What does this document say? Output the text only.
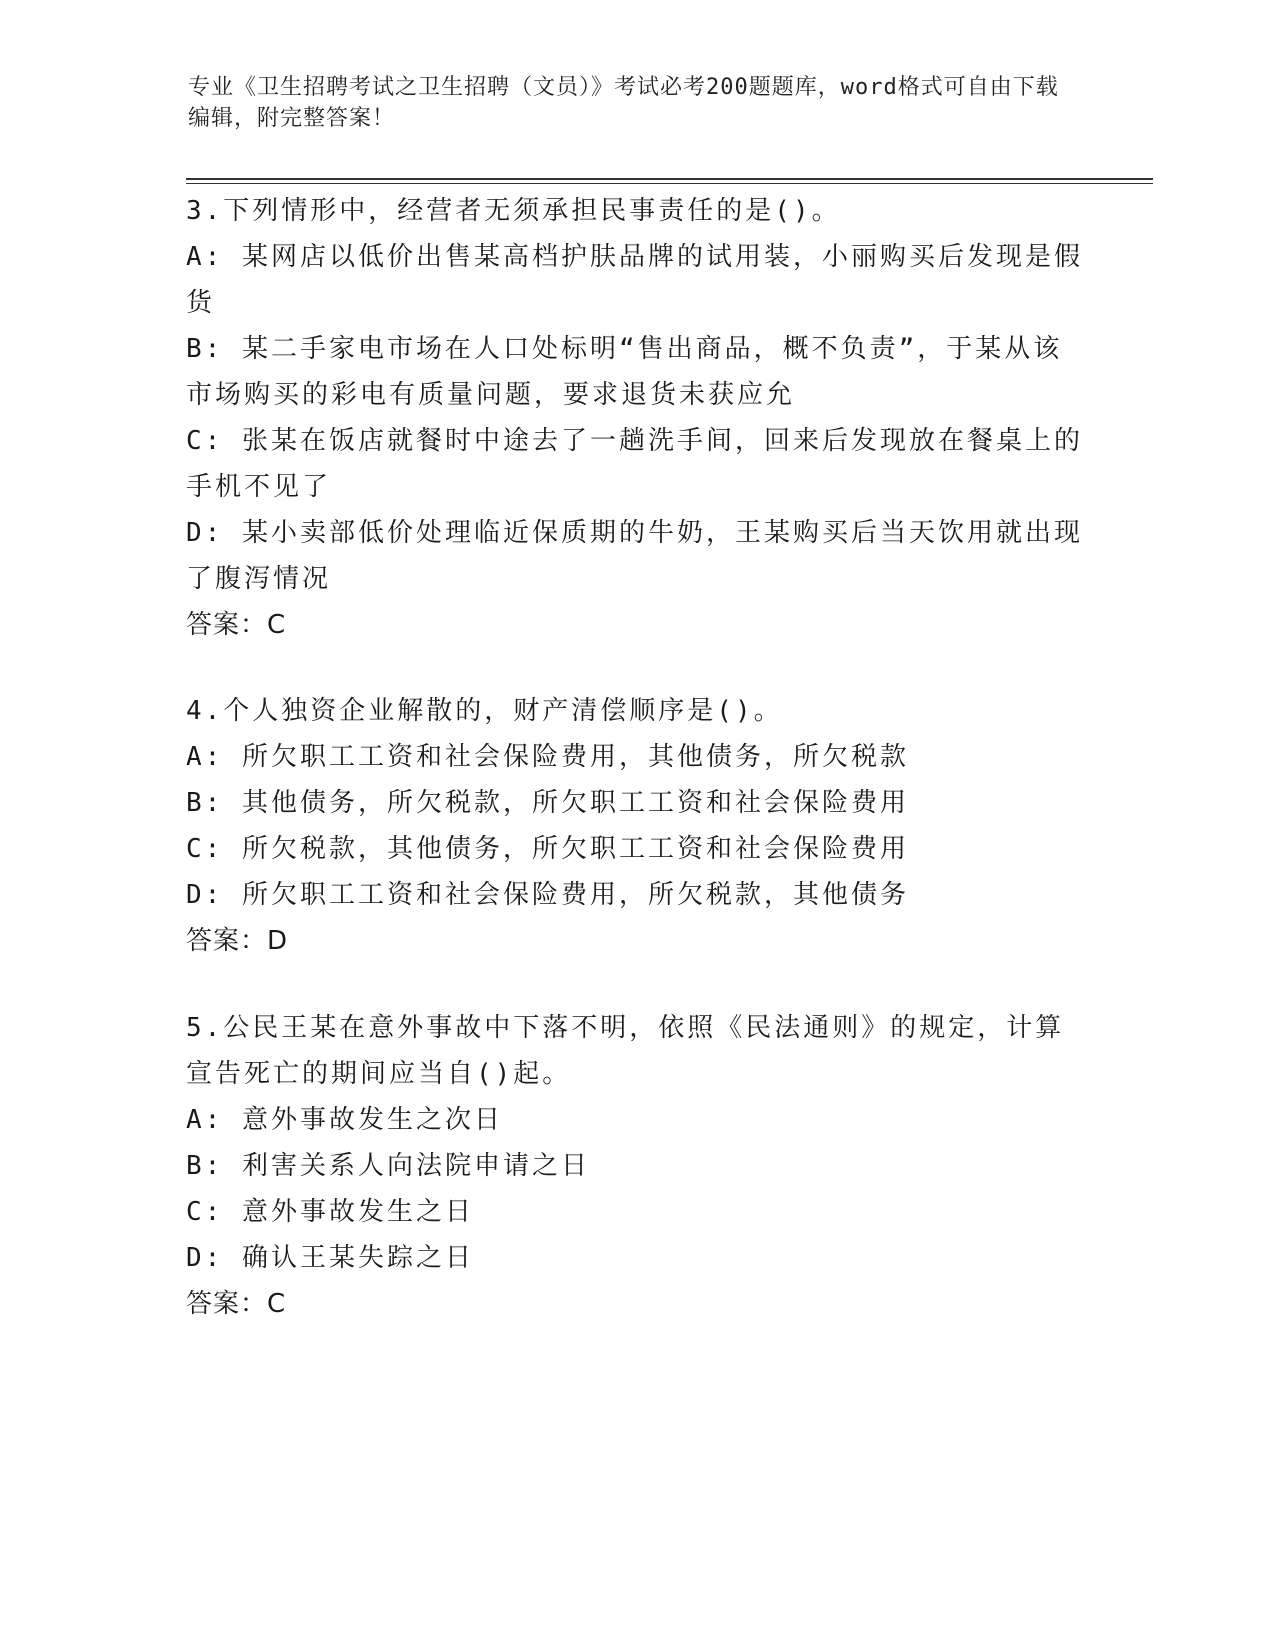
专业《卫生招聘考试之卫生招聘（文员）》考试必考200题题库，word格式可自由下载编辑，附完整答案！
3.下列情形中，经营者无须承担民事责任的是()。
A: 某网店以低价出售某高档护肤品牌的试用装，小丽购买后发现是假货
B: 某二手家电市场在人口处标明“售出商品，概不负责”，于某从该市场购买的彩电有质量问题，要求退货未获应允
C: 张某在饭店就餐时中途去了一趟洗手间，回来后发现放在餐桌上的手机不见了
D: 某小卖部低价处理临近保质期的牛奶，王某购买后当天饮用就出现了腹泻情况
答案：C
4.个人独资企业解散的，财产清偿顺序是()。
A: 所欠职工工资和社会保险费用，其他债务，所欠税款
B: 其他债务，所欠税款，所欠职工工资和社会保险费用
C: 所欠税款，其他债务，所欠职工工资和社会保险费用
D: 所欠职工工资和社会保险费用，所欠税款，其他债务
答案：D
5.公民王某在意外事故中下落不明，依照《民法通则》的规定，计算宣告死亡的期间应当自()起。
A: 意外事故发生之次日
B: 利害关系人向法院申请之日
C: 意外事故发生之日
D: 确认王某失踪之日
答案：C
